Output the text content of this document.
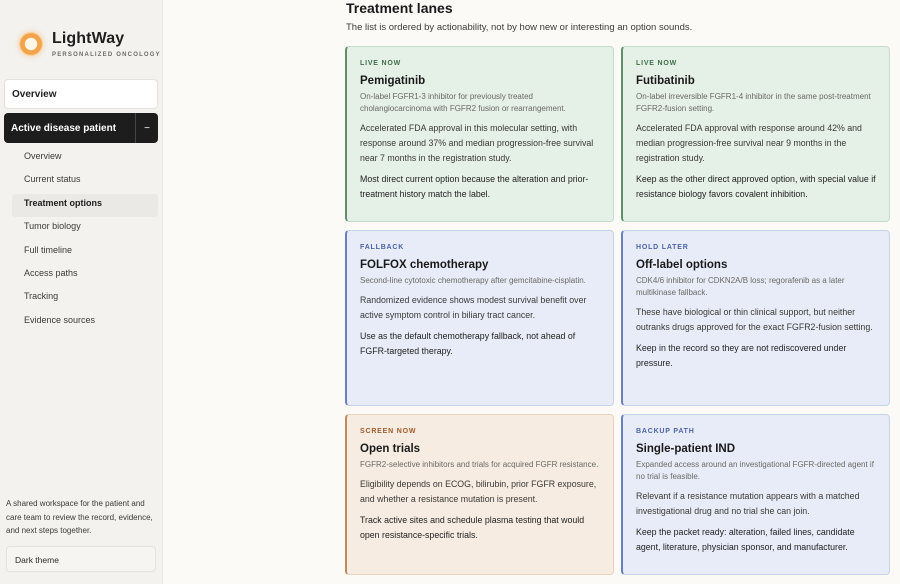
LightWay
PERSONALIZED ONCOLOGY
Overview
Active disease patient	−
Overview
Current status
Treatment options
Tumor biology
Full timeline
Access paths
Tracking
Evidence sources

A shared workspace for the patient and care team to review the record, evidence, and next steps together.

Dark theme
Treatment lanes

The list is ordered by actionability, not by how new or interesting an option sounds.

LIVE NOW
Pemigatinib
On-label FGFR1-3 inhibitor for previously treated cholangiocarcinoma with FGFR2 fusion or rearrangement.
Accelerated FDA approval in this molecular setting, with response around 37% and median progression-free survival near 7 months in the registration study.
Most direct current option because the alteration and prior-treatment history match the label.
LIVE NOW
Futibatinib
On-label irreversible FGFR1-4 inhibitor in the same post-treatment FGFR2-fusion setting.
Accelerated FDA approval with response around 42% and median progression-free survival near 9 months in the registration study.
Keep as the other direct approved option, with special value if resistance biology favors covalent inhibition.
FALLBACK
FOLFOX chemotherapy
Second-line cytotoxic chemotherapy after gemcitabine-cisplatin.
Randomized evidence shows modest survival benefit over active symptom control in biliary tract cancer.
Use as the default chemotherapy fallback, not ahead of FGFR-targeted therapy.
HOLD LATER
Off-label options
CDK4/6 inhibitor for CDKN2A/B loss; regorafenib as a later multikinase fallback.
These have biological or thin clinical support, but neither outranks drugs approved for the exact FGFR2-fusion setting.
Keep in the record so they are not rediscovered under pressure.
SCREEN NOW
Open trials
FGFR2-selective inhibitors and trials for acquired FGFR resistance.
Eligibility depends on ECOG, bilirubin, prior FGFR exposure, and whether a resistance mutation is present.
Track active sites and schedule plasma testing that would open resistance-specific trials.
BACKUP PATH
Single-patient IND
Expanded access around an investigational FGFR-directed agent if no trial is feasible.
Relevant if a resistance mutation appears with a matched investigational drug and no trial she can join.
Keep the packet ready: alteration, failed lines, candidate agent, literature, physician sponsor, and manufacturer.
